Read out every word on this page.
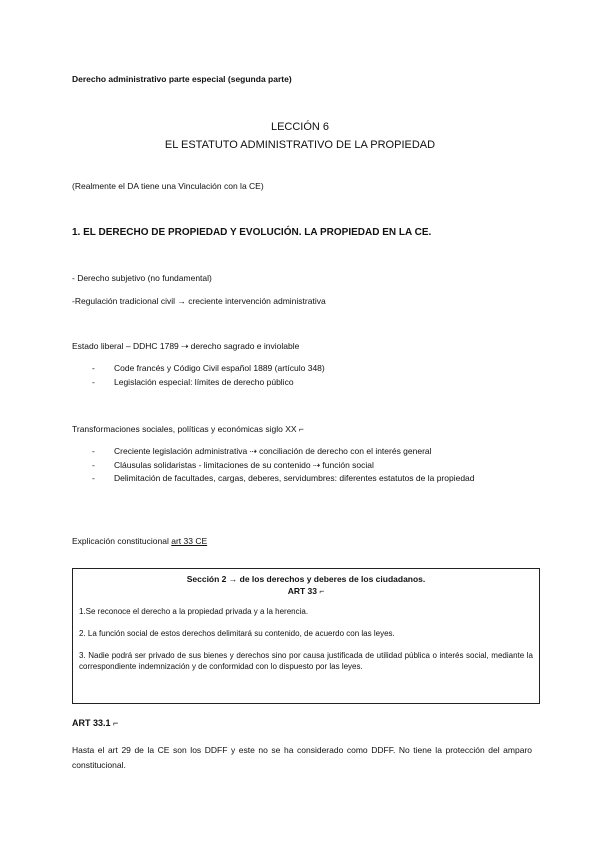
Derecho administrativo parte especial (segunda parte)
LECCIÓN 6
EL ESTATUTO ADMINISTRATIVO DE LA PROPIEDAD
(Realmente el DA tiene una Vinculación con la CE)
1. EL DERECHO DE PROPIEDAD Y EVOLUCIÓN. LA PROPIEDAD EN LA CE.
- Derecho subjetivo (no fundamental)
-Regulación tradicional civil → creciente intervención administrativa
Estado liberal – DDHC 1789 ⇢ derecho sagrado e inviolable
- Code francés y Código Civil español 1889 (artículo 348)
- Legislación especial: límites de derecho público
Transformaciones sociales, políticas y económicas siglo XX ⌐
- Creciente legislación administrativa ⇢ conciliación de derecho con el interés general
- Cláusulas solidaristas - limitaciones de su contenido ⇢ función social
- Delimitación de facultades, cargas, deberes, servidumbres: diferentes estatutos de la propiedad
Explicación constitucional art 33 CE
Sección 2 → de los derechos y deberes de los ciudadanos.
ART 33 ⌐

1.Se reconoce el derecho a la propiedad privada y a la herencia.

2. La función social de estos derechos delimitará su contenido, de acuerdo con las leyes.

3. Nadie podrá ser privado de sus bienes y derechos sino por causa justificada de utilidad pública o interés social, mediante la correspondiente indemnización y de conformidad con lo dispuesto por las leyes.

ART 33.1 ⌐
Hasta el art 29 de la CE son los DDFF y este no se ha considerado como DDFF. No tiene la protección del amparo constitucional.
